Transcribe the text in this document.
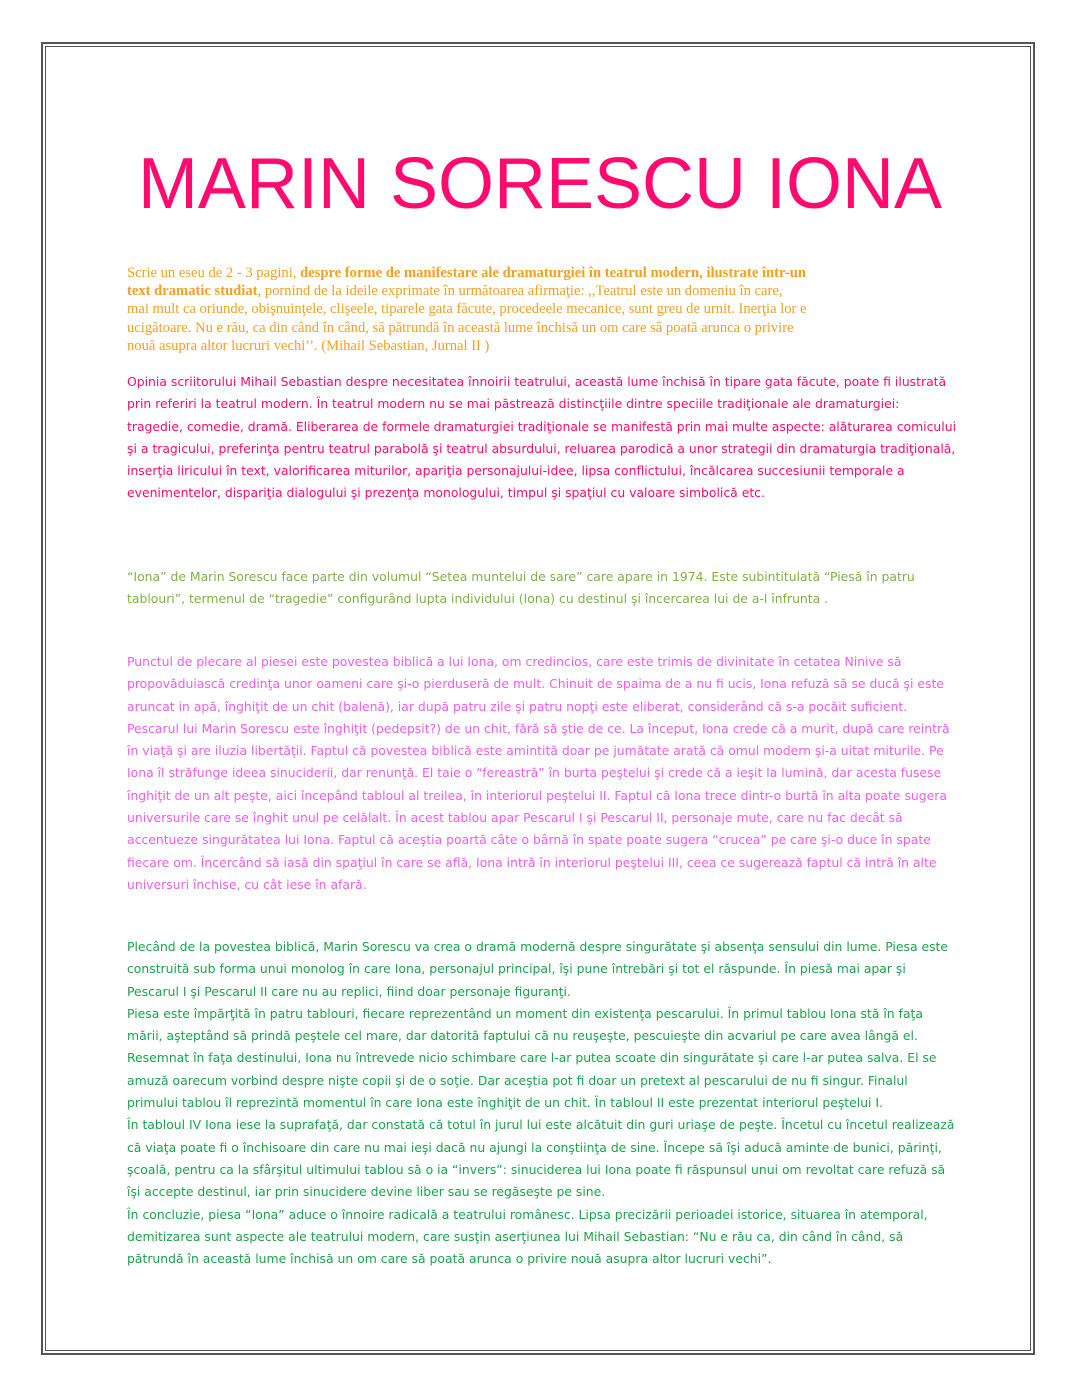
MARIN SORESCU IONA

Scrie un eseu de 2 - 3 pagini, despre forme de manifestare ale dramaturgiei în teatrul modern, ilustrate într-un text dramatic studiat, pornind de la ideile exprimate în următoarea afirmaţie: ,,Teatrul este un domeniu în care, mai mult ca oriunde, obişnuinţele, clişeele, tiparele gata făcute, procedeele mecanice, sunt greu de urnit. Inerţia lor e ucigătoare. Nu e rău, ca din când în când, să pătrundă în această lume închisă un om care să poată arunca o privire nouă asupra altor lucruri vechi’’. (Mihail Sebastian, Jurnal II )

Opinia scriitorului Mihail Sebastian despre necesitatea înnoirii teatrului, această lume închisă în tipare gata făcute, poate fi ilustrată prin referiri la teatrul modern. În teatrul modern nu se mai păstrează distincţiile dintre speciile tradiţionale ale dramaturgiei: tragedie, comedie, dramă. Eliberarea de formele dramaturgiei tradiţionale se manifestă prin mai multe aspecte: alăturarea comicului şi a tragicului, preferinţa pentru teatrul parabolă şi teatrul absurdului, reluarea parodică a unor strategii din dramaturgia tradiţională, inserţia liricului în text, valorificarea miturilor, apariţia personajului-idee, lipsa conflictului, încălcarea succesiunii temporale a evenimentelor, dispariţia dialogului şi prezenţa monologului, timpul şi spaţiul cu valoare simbolică etc.

“Iona” de Marin Sorescu face parte din volumul “Setea muntelui de sare” care apare in 1974. Este subintitulată “Piesă în patru tablouri”, termenul de “tragedie” configurând lupta individului (Iona) cu destinul şi încercarea lui de a-l înfrunta .

Punctul de plecare al piesei este povestea biblică a lui Iona, om credincios, care este trimis de divinitate în cetatea Ninive să propovăduiască credinţa unor oameni care şi-o pierduseră de mult. Chinuit de spaima de a nu fi ucis, Iona refuză să se ducă şi este aruncat in apă, înghiţit de un chit (balenă), iar după patru zile şi patru nopţi este eliberat, considerând că s-a pocăit suficient. Pescarul lui Marin Sorescu este înghiţit (pedepsit?) de un chit, fără să ştie de ce. La început, Iona crede că a murit, după care reintră în viaţă şi are iluzia libertăţii. Faptul că povestea biblică este amintită doar pe jumătate arată că omul modern şi-a uitat miturile. Pe Iona îl străfunge ideea sinuciderii, dar renunţă. El taie o “fereastră” în burta peştelui şi crede că a ieşit la lumină, dar acesta fusese înghiţit de un alt peşte, aici începând tabloul al treilea, în interiorul peştelui II. Faptul că Iona trece dintr-o burtă în alta poate sugera universurile care se înghit unul pe celălalt. În acest tablou apar Pescarul I şi Pescarul II, personaje mute, care nu fac decât să accentueze singurătatea lui Iona. Faptul că aceştia poartă câte o bârnă în spate poate sugera “crucea” pe care şi-o duce în spate fiecare om. Încercând să iasă din spaţiul în care se află, Iona intră în interiorul peştelui III, ceea ce sugerează faptul că intră în alte universuri închise, cu cât iese în afară.

Plecând de la povestea biblică, Marin Sorescu va crea o dramă modernă despre singurătate şi absenţa sensului din lume. Piesa este construită sub forma unui monolog în care Iona, personajul principal, îşi pune întrebări şi tot el răspunde. În piesă mai apar şi Pescarul I şi Pescarul II care nu au replici, fiind doar personaje figuranţi.
Piesa este împărţită în patru tablouri, fiecare reprezentând un moment din existenţa pescarului. În primul tablou Iona stă în faţa mării, aşteptând să prindă peştele cel mare, dar datorită faptului că nu reuşeşte, pescuieşte din acvariul pe care avea lângă el. Resemnat în faţa destinului, Iona nu întrevede nicio schimbare care l-ar putea scoate din singurătate şi care l-ar putea salva. El se amuză oarecum vorbind despre nişte copii şi de o soţie. Dar aceştia pot fi doar un pretext al pescarului de nu fi singur. Finalul primului tablou îl reprezintă momentul în care Iona este înghiţit de un chit. În tabloul II este prezentat interiorul peştelui I.
În tabloul IV Iona iese la suprafaţă, dar constată că totul în jurul lui este alcătuit din guri uriaşe de peşte. Încetul cu încetul realizează că viaţa poate fi o închisoare din care nu mai ieşi dacă nu ajungi la conştiinţa de sine. Începe să îşi aducă aminte de bunici, părinţi, şcoală, pentru ca la sfârşitul ultimului tablou să o ia “invers”: sinuciderea lui Iona poate fi răspunsul unui om revoltat care refuză să îşi accepte destinul, iar prin sinucidere devine liber sau se regăseşte pe sine.
În concluzie, piesa “Iona” aduce o înnoire radicală a teatrului românesc. Lipsa precizării perioadei istorice, situarea în atemporal, demitizarea sunt aspecte ale teatrului modern, care susţin aserţiunea lui Mihail Sebastian: “Nu e rău ca, din când în când, să pătrundă în această lume închisă un om care să poată arunca o privire nouă asupra altor lucruri vechi”.
